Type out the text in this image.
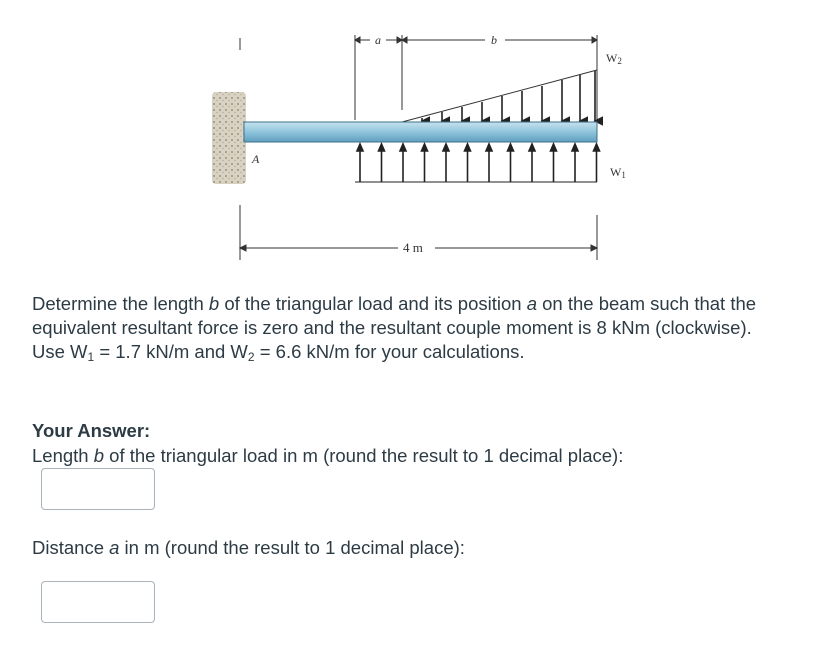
a	b
W2
A
W1
4 m

Determine the length b of the triangular load and its position a on the beam such that the equivalent resultant force is zero and the resultant couple moment is 8 kNm (clockwise).

Use $W_1 = 1.7$ kN/m and $W_2 = 6.6$ kN/m for your calculations.

Your Answer:
Length b of the triangular load in m (round the result to 1 decimal place):
Distance a in m (round the result to 1 decimal place):
